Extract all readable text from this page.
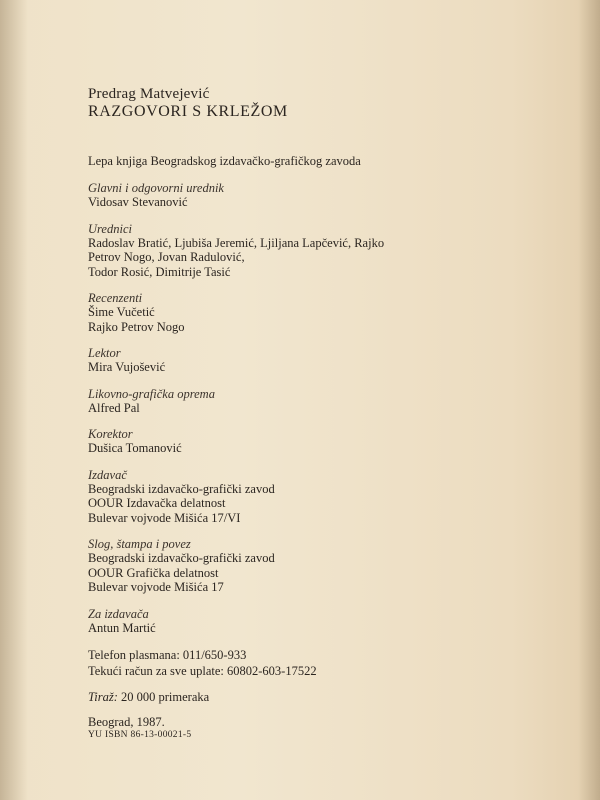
Predrag Matvejević
RAZGOVORI S KRLEŽOM
Lepa knjiga Beogradskog izdavačko-grafičkog zavoda
Glavni i odgovorni urednik
Vidosav Stevanović
Urednici
Radoslav Bratić, Ljubiša Jeremić, Ljiljana Lapčević, Rajko
Petrov Nogo, Jovan Radulović,
Todor Rosić, Dimitrije Tasić
Recenzenti
Šime Vučetić
Rajko Petrov Nogo
Lektor
Mira Vujošević
Likovno-grafička oprema
Alfred Pal
Korektor
Dušica Tomanović
Izdavač
Beogradski izdavačko-grafički zavod
OOUR Izdavačka delatnost
Bulevar vojvode Mišića 17/VI
Slog, štampa i povez
Beogradski izdavačko-grafički zavod
OOUR Grafička delatnost
Bulevar vojvode Mišića 17
Za izdavača
Antun Martić
Telefon plasmana: 011/650-933
Tekući račun za sve uplate: 60802-603-17522
Tiraž: 20 000 primeraka
Beograd, 1987.
YU ISBN 86-13-00021-5
